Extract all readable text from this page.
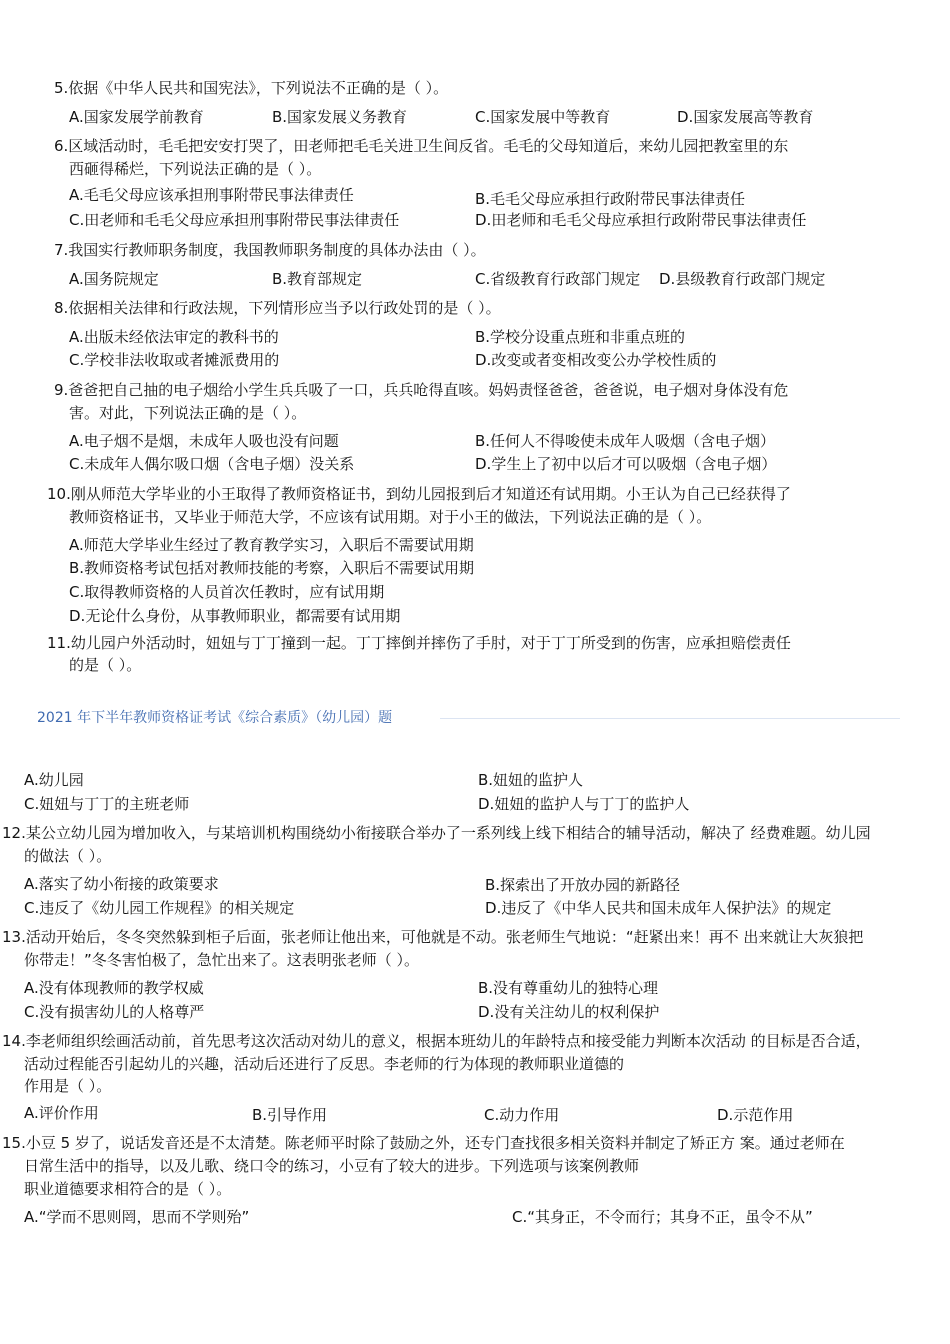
5.依据《中华人民共和国宪法》，下列说法不正确的是（ ）。
A.国家发展学前教育	B.国家发展义务教育	C.国家发展中等教育	D.国家发展高等教育
6.区域活动时，毛毛把安安打哭了，田老师把毛毛关进卫生间反省。毛毛的父母知道后，来幼儿园把教室里的东
西砸得稀烂，下列说法正确的是（ ）。
A.毛毛父母应该承担刑事附带民事法律责任	B.毛毛父母应承担行政附带民事法律责任
C.田老师和毛毛父母应承担刑事附带民事法律责任	D.田老师和毛毛父母应承担行政附带民事法律责任
7.我国实行教师职务制度，我国教师职务制度的具体办法由（ ）。
A.国务院规定	B.教育部规定	C.省级教育行政部门规定 D.县级教育行政部门规定
8.依据相关法律和行政法规，下列情形应当予以行政处罚的是（ ）。
A.出版未经依法审定的教科书的	B.学校分设重点班和非重点班的
C.学校非法收取或者摊派费用的	D.改变或者变相改变公办学校性质的
9.爸爸把自己抽的电子烟给小学生兵兵吸了一口，兵兵呛得直咳。妈妈责怪爸爸，爸爸说，电子烟对身体没有危
害。对此，下列说法正确的是（ ）。
A.电子烟不是烟，未成年人吸也没有问题	B.任何人不得唆使未成年人吸烟（含电子烟）
C.未成年人偶尔吸口烟（含电子烟）没关系	D.学生上了初中以后才可以吸烟（含电子烟）
10.刚从师范大学毕业的小王取得了教师资格证书，到幼儿园报到后才知道还有试用期。小王认为自己已经获得了
教师资格证书，又毕业于师范大学，不应该有试用期。对于小王的做法，下列说法正确的是（ ）。
A.师范大学毕业生经过了教育教学实习，入职后不需要试用期
B.教师资格考试包括对教师技能的考察，入职后不需要试用期
C.取得教师资格的人员首次任教时，应有试用期
D.无论什么身份，从事教师职业，都需要有试用期
11.幼儿园户外活动时，妞妞与丁丁撞到一起。丁丁摔倒并摔伤了手肘，对于丁丁所受到的伤害，应承担赔偿责任
的是（ ）。
2021 年下半年教师资格证考试《综合素质》（幼儿园）题
A.幼儿园	B.妞妞的监护人
C.妞妞与丁丁的主班老师	D.妞妞的监护人与丁丁的监护人
12.某公立幼儿园为增加收入，与某培训机构围绕幼小衔接联合举办了一系列线上线下相结合的辅导活动，解决了 经费难题。幼儿园
的做法（ ）。
A.落实了幼小衔接的政策要求	B.探索出了开放办园的新路径
C.违反了《幼儿园工作规程》的相关规定	D.违反了《中华人民共和国未成年人保护法》的规定
13.活动开始后，冬冬突然躲到柜子后面，张老师让他出来，可他就是不动。张老师生气地说：“赶紧出来！再不 出来就让大灰狼把
你带走！”冬冬害怕极了，急忙出来了。这表明张老师（ ）。
A.没有体现教师的教学权威	B.没有尊重幼儿的独特心理
C.没有损害幼儿的人格尊严	D.没有关注幼儿的权利保护
14.李老师组织绘画活动前，首先思考这次活动对幼儿的意义，根据本班幼儿的年龄特点和接受能力判断本次活动 的目标是否合适，
活动过程能否引起幼儿的兴趣，活动后还进行了反思。李老师的行为体现的教师职业道德的
作用是（ ）。
A.评价作用	B.引导作用	C.动力作用	D.示范作用
15.小豆 5 岁了，说话发音还是不太清楚。陈老师平时除了鼓励之外，还专门查找很多相关资料并制定了矫正方 案。通过老师在
日常生活中的指导，以及儿歌、绕口令的练习，小豆有了较大的进步。下列选项与该案例教师
职业道德要求相符合的是（ ）。
A.“学而不思则罔，思而不学则殆”	C.“其身正，不令而行；其身不正，虽令不从”
